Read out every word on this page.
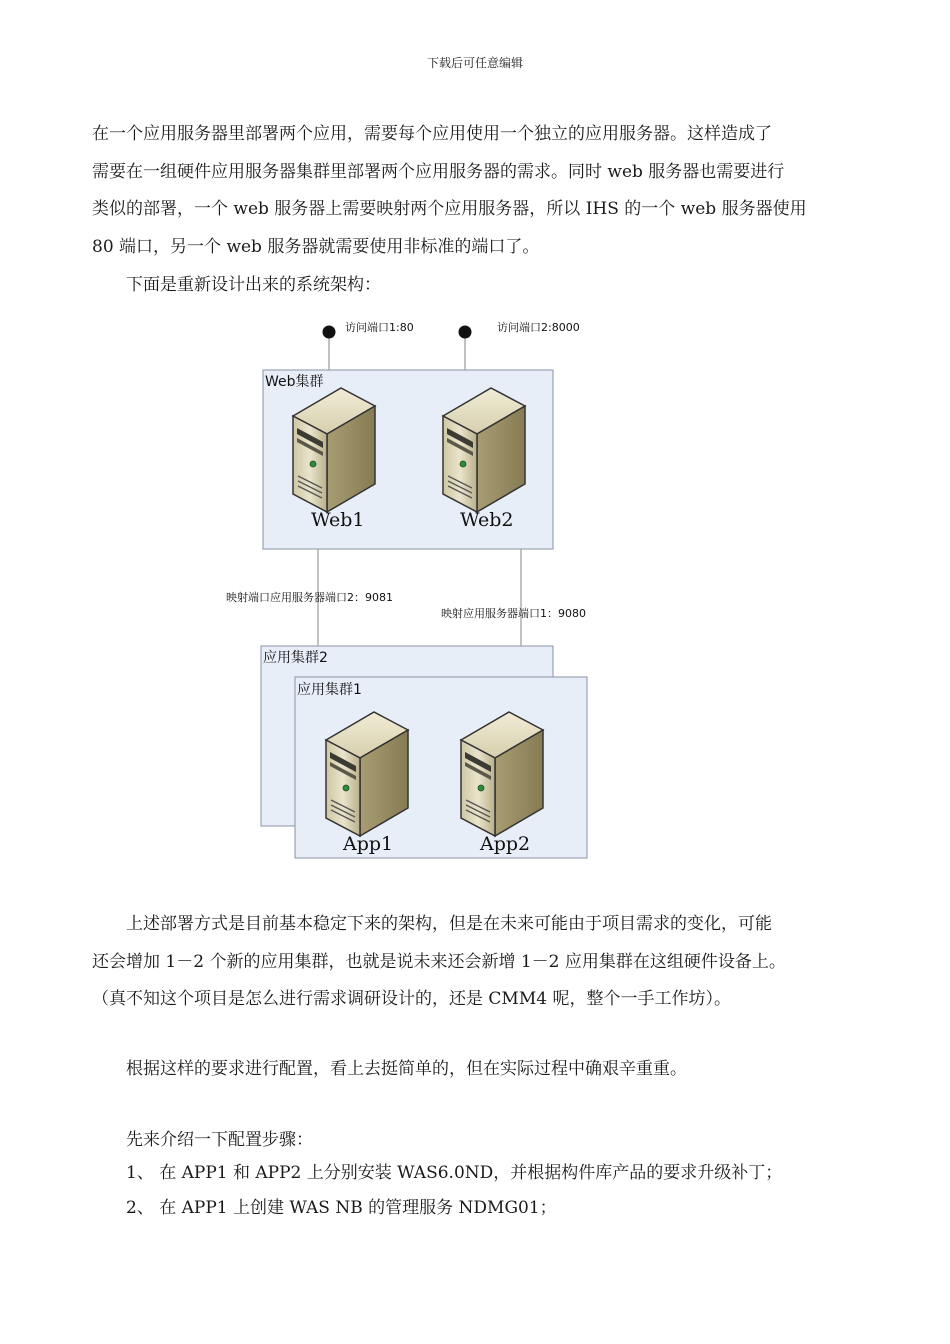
下载后可任意编辑
在一个应用服务器里部署两个应用，需要每个应用使用一个独立的应用服务器。这样造成了
需要在一组硬件应用服务器集群里部署两个应用服务器的需求。同时 web 服务器也需要进行
类似的部署，一个 web 服务器上需要映射两个应用服务器，所以 IHS 的一个 web 服务器使用
80 端口，另一个 web 服务器就需要使用非标准的端口了。
下面是重新设计出来的系统架构：
访问端口1:80	访问端口2:8000
Web集群
Web1	Web2
映射端口应用服务器端口2：9081
映射应用服务器端口1：9080
应用集群2
应用集群1
App1	App2
上述部署方式是目前基本稳定下来的架构，但是在未来可能由于项目需求的变化，可能
还会增加 1－2 个新的应用集群，也就是说未来还会新增 1－2 应用集群在这组硬件设备上。
（真不知这个项目是怎么进行需求调研设计的，还是 CMM4 呢，整个一手工作坊）。
根据这样的要求进行配置，看上去挺简单的，但在实际过程中确艰辛重重。
先来介绍一下配置步骤：
1、 在 APP1 和 APP2 上分别安装 WAS6.0ND，并根据构件库产品的要求升级补丁；
2、 在 APP1 上创建 WAS NB 的管理服务 NDMG01；
